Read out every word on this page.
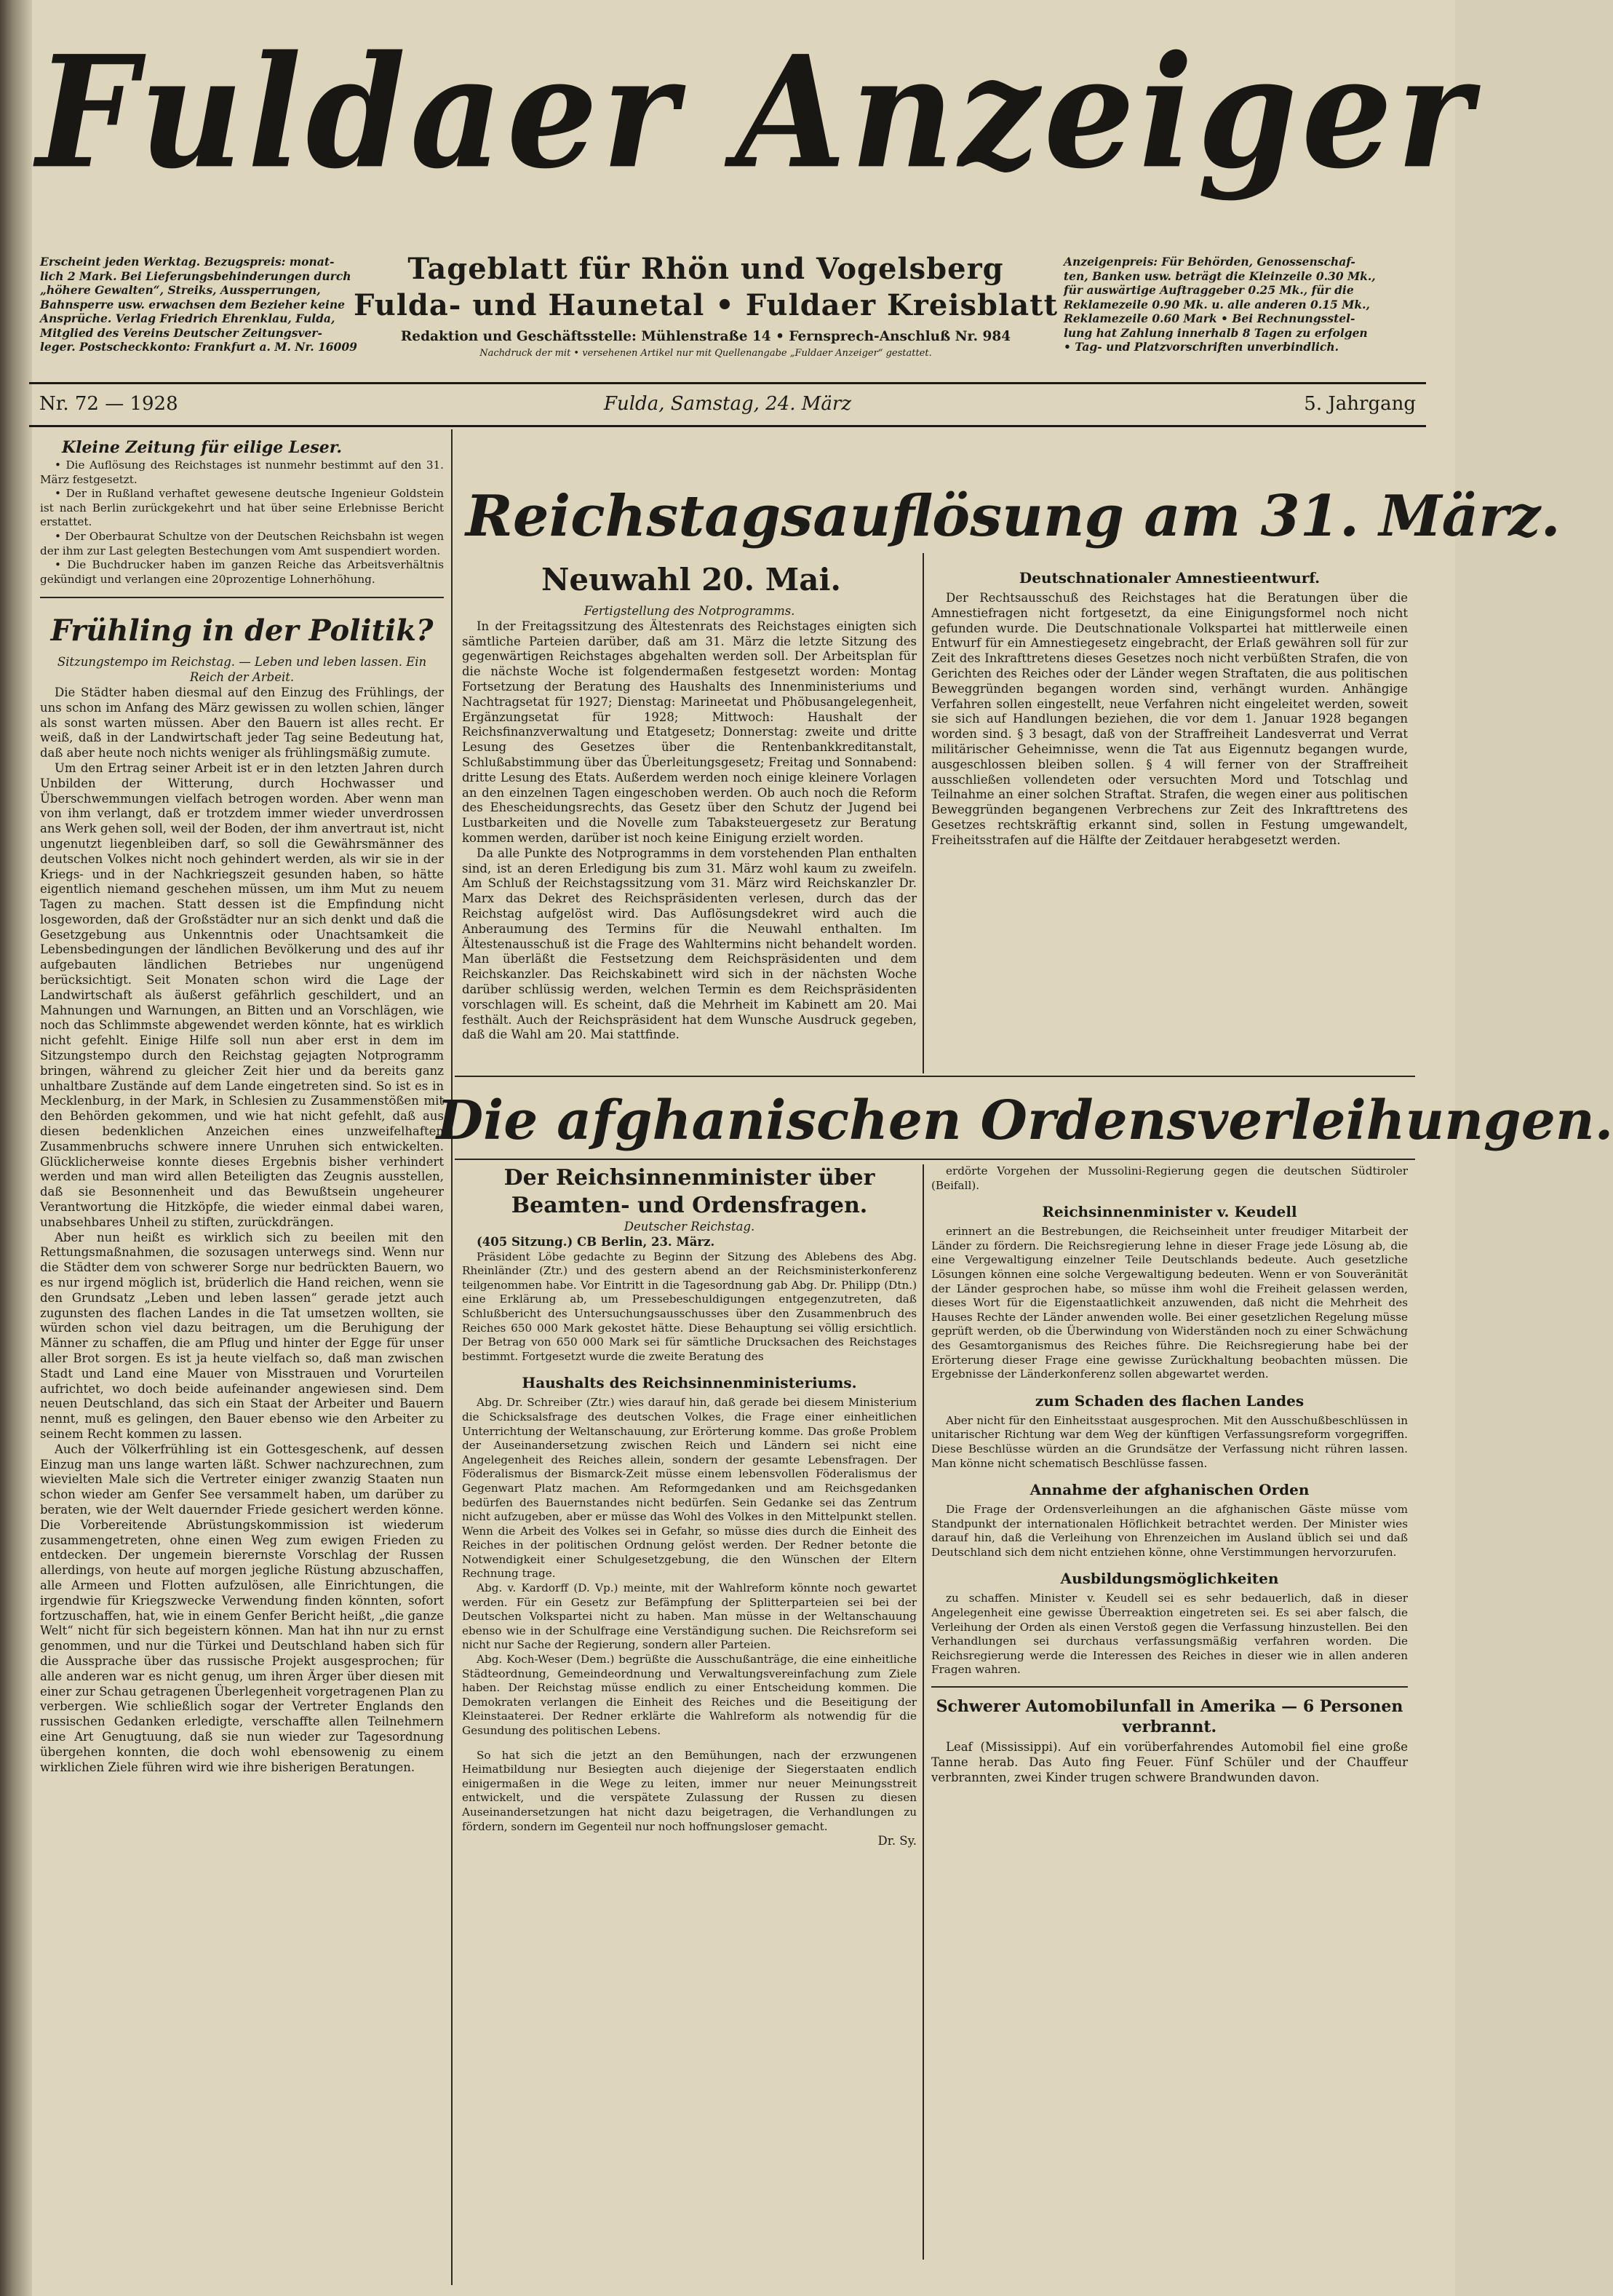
Fuldaer Anzeiger
Erscheint jeden Werktag. Bezugspreis: monat-
lich 2 Mark. Bei Lieferungsbehinderungen durch
„höhere Gewalten“, Streiks, Aussperrungen,
Bahnsperre usw. erwachsen dem Bezieher keine
Ansprüche. Verlag Friedrich Ehrenklau, Fulda,
Mitglied des Vereins Deutscher Zeitungsver-
leger. Postscheckkonto: Frankfurt a. M. Nr. 16009
Tageblatt für Rhön und Vogelsberg
Fulda- und Haunetal • Fuldaer Kreisblatt
Redaktion und Geschäftsstelle: Mühlenstraße 14 • Fernsprech-Anschluß Nr. 984
Nachdruck der mit • versehenen Artikel nur mit Quellenangabe „Fuldaer Anzeiger“ gestattet.
Anzeigenpreis: Für Behörden, Genossenschaf-
ten, Banken usw. beträgt die Kleinzeile 0.30 Mk.,
für auswärtige Auftraggeber 0.25 Mk., für die
Reklamezeile 0.90 Mk. u. alle anderen 0.15 Mk.,
Reklamezeile 0.60 Mark • Bei Rechnungsstel-
lung hat Zahlung innerhalb 8 Tagen zu erfolgen
• Tag- und Platzvorschriften unverbindlich.
Fulda, Samstag, 24. März
Nr. 72 — 1928	5. Jahrgang

Kleine Zeitung für eilige Leser.

• Die Auflösung des Reichstages ist nunmehr bestimmt auf den 31. März festgesetzt.

• Der in Rußland verhaftet gewesene deutsche Ingenieur Goldstein ist nach Berlin zurückgekehrt und hat über seine Erlebnisse Bericht erstattet.

• Der Oberbaurat Schultze von der Deutschen Reichsbahn ist wegen der ihm zur Last gelegten Bestechungen vom Amt suspendiert worden.

• Die Buchdrucker haben im ganzen Reiche das Arbeitsverhältnis gekündigt und verlangen eine 20prozentige Lohnerhöhung.

Frühling in der Politik?

Sitzungstempo im Reichstag. — Leben und leben lassen. Ein Reich der Arbeit.

Die Städter haben diesmal auf den Einzug des Frühlings, der uns schon im Anfang des März gewissen zu wollen schien, länger als sonst warten müssen. Aber den Bauern ist alles recht. Er weiß, daß in der Landwirtschaft jeder Tag seine Bedeutung hat, daß aber heute noch nichts weniger als frühlingsmäßig zumute.

Um den Ertrag seiner Arbeit ist er in den letzten Jahren durch Unbilden der Witterung, durch Hochwasser und Überschwemmungen vielfach betrogen worden. Aber wenn man von ihm verlangt, daß er trotzdem immer wieder unverdrossen ans Werk gehen soll, weil der Boden, der ihm anvertraut ist, nicht ungenutzt liegenbleiben darf, so soll die Gewährsmänner des deutschen Volkes nicht noch gehindert werden, als wir sie in der Kriegs- und in der Nachkriegszeit gesunden haben, so hätte eigentlich niemand geschehen müssen, um ihm Mut zu neuem Tagen zu machen. Statt dessen ist die Empfindung nicht losgeworden, daß der Großstädter nur an sich denkt und daß die Gesetzgebung aus Unkenntnis oder Unachtsamkeit die Lebensbedingungen der ländlichen Bevölkerung und des auf ihr aufgebauten ländlichen Betriebes nur ungenügend berücksichtigt. Seit Monaten schon wird die Lage der Landwirtschaft als äußerst gefährlich geschildert, und an Mahnungen und Warnungen, an Bitten und an Vorschlägen, wie noch das Schlimmste abgewendet werden könnte, hat es wirklich nicht gefehlt. Einige Hilfe soll nun aber erst in dem im Sitzungstempo durch den Reichstag gejagten Notprogramm bringen, während zu gleicher Zeit hier und da bereits ganz unhaltbare Zustände auf dem Lande eingetreten sind. So ist es in Mecklenburg, in der Mark, in Schlesien zu Zusammenstößen mit den Behörden gekommen, und wie hat nicht gefehlt, daß aus diesen bedenklichen Anzeichen eines unzweifelhaften Zusammenbruchs schwere innere Unruhen sich entwickelten. Glücklicherweise konnte dieses Ergebnis bisher verhindert werden und man wird allen Beteiligten das Zeugnis ausstellen, daß sie Besonnenheit und das Bewußtsein ungeheurer Verantwortung die Hitzköpfe, die wieder einmal dabei waren, unabsehbares Unheil zu stiften, zurückdrängen.

Aber nun heißt es wirklich sich zu beeilen mit den Rettungsmaßnahmen, die sozusagen unterwegs sind. Wenn nur die Städter dem von schwerer Sorge nur bedrückten Bauern, wo es nur irgend möglich ist, brüderlich die Hand reichen, wenn sie den Grundsatz „Leben und leben lassen“ gerade jetzt auch zugunsten des flachen Landes in die Tat umsetzen wollten, sie würden schon viel dazu beitragen, um die Beruhigung der Männer zu schaffen, die am Pflug und hinter der Egge für unser aller Brot sorgen. Es ist ja heute vielfach so, daß man zwischen Stadt und Land eine Mauer von Misstrauen und Vorurteilen aufrichtet, wo doch beide aufeinander angewiesen sind. Dem neuen Deutschland, das sich ein Staat der Arbeiter und Bauern nennt, muß es gelingen, den Bauer ebenso wie den Arbeiter zu seinem Recht kommen zu lassen.

Auch der Völkerfrühling ist ein Gottesgeschenk, auf dessen Einzug man uns lange warten läßt. Schwer nachzurechnen, zum wievielten Male sich die Vertreter einiger zwanzig Staaten nun schon wieder am Genfer See versammelt haben, um darüber zu beraten, wie der Welt dauernder Friede gesichert werden könne. Die Vorbereitende Abrüstungskommission ist wiederum zusammengetreten, ohne einen Weg zum ewigen Frieden zu entdecken. Der ungemein bierernste Vorschlag der Russen allerdings, von heute auf morgen jegliche Rüstung abzuschaffen, alle Armeen und Flotten aufzulösen, alle Einrichtungen, die irgendwie für Kriegszwecke Verwendung finden könnten, sofort fortzuschaffen, hat, wie in einem Genfer Bericht heißt, „die ganze Welt“ nicht für sich begeistern können. Man hat ihn nur zu ernst genommen, und nur die Türkei und Deutschland haben sich für die Aussprache über das russische Projekt ausgesprochen; für alle anderen war es nicht genug, um ihren Ärger über diesen mit einer zur Schau getragenen Überlegenheit vorgetragenen Plan zu verbergen. Wie schließlich sogar der Vertreter Englands den russischen Gedanken erledigte, verschaffte allen Teilnehmern eine Art Genugtuung, daß sie nun wieder zur Tagesordnung übergehen konnten, die doch wohl ebensowenig zu einem wirklichen Ziele führen wird wie ihre bisherigen Beratungen.

Reichstagsauflösung am 31. März.
Neuwahl 20. Mai.

Fertigstellung des Notprogramms.

In der Freitagssitzung des Ältestenrats des Reichstages einigten sich sämtliche Parteien darüber, daß am 31. März die letzte Sitzung des gegenwärtigen Reichstages abgehalten werden soll. Der Arbeitsplan für die nächste Woche ist folgendermaßen festgesetzt worden: Montag Fortsetzung der Beratung des Haushalts des Innenministeriums und Nachtragsetat für 1927; Dienstag: Marineetat und Phöbusangelegenheit, Ergänzungsetat für 1928; Mittwoch: Haushalt der Reichsfinanzverwaltung und Etatgesetz; Donnerstag: zweite und dritte Lesung des Gesetzes über die Rentenbankkreditanstalt, Schlußabstimmung über das Überleitungsgesetz; Freitag und Sonnabend: dritte Lesung des Etats. Außerdem werden noch einige kleinere Vorlagen an den einzelnen Tagen eingeschoben werden. Ob auch noch die Reform des Ehescheidungsrechts, das Gesetz über den Schutz der Jugend bei Lustbarkeiten und die Novelle zum Tabaksteuergesetz zur Beratung kommen werden, darüber ist noch keine Einigung erzielt worden.

Da alle Punkte des Notprogramms in dem vorstehenden Plan enthalten sind, ist an deren Erledigung bis zum 31. März wohl kaum zu zweifeln. Am Schluß der Reichstagssitzung vom 31. März wird Reichskanzler Dr. Marx das Dekret des Reichspräsidenten verlesen, durch das der Reichstag aufgelöst wird. Das Auflösungsdekret wird auch die Anberaumung des Termins für die Neuwahl enthalten. Im Ältestenausschuß ist die Frage des Wahltermins nicht behandelt worden. Man überläßt die Festsetzung dem Reichspräsidenten und dem Reichskanzler. Das Reichskabinett wird sich in der nächsten Woche darüber schlüssig werden, welchen Termin es dem Reichspräsidenten vorschlagen will. Es scheint, daß die Mehrheit im Kabinett am 20. Mai festhält. Auch der Reichspräsident hat dem Wunsche Ausdruck gegeben, daß die Wahl am 20. Mai stattfinde.

Deutschnationaler Amnestieentwurf.

Der Rechtsausschuß des Reichstages hat die Beratungen über die Amnestiefragen nicht fortgesetzt, da eine Einigungsformel noch nicht gefunden wurde. Die Deutschnationale Volkspartei hat mittlerweile einen Entwurf für ein Amnestiegesetz eingebracht, der Erlaß gewähren soll für zur Zeit des Inkrafttretens dieses Gesetzes noch nicht verbüßten Strafen, die von Gerichten des Reiches oder der Länder wegen Straftaten, die aus politischen Beweggründen begangen worden sind, verhängt wurden. Anhängige Verfahren sollen eingestellt, neue Verfahren nicht eingeleitet werden, soweit sie sich auf Handlungen beziehen, die vor dem 1. Januar 1928 begangen worden sind. § 3 besagt, daß von der Straffreiheit Landesverrat und Verrat militärischer Geheimnisse, wenn die Tat aus Eigennutz begangen wurde, ausgeschlossen bleiben sollen. § 4 will ferner von der Straffreiheit ausschließen vollendeten oder versuchten Mord und Totschlag und Teilnahme an einer solchen Straftat. Strafen, die wegen einer aus politischen Beweggründen begangenen Verbrechens zur Zeit des Inkrafttretens des Gesetzes rechtskräftig erkannt sind, sollen in Festung umgewandelt, Freiheitsstrafen auf die Hälfte der Zeitdauer herabgesetzt werden.

Die afghanischen Ordensverleihungen.

Der Reichsinnenminister über Beamten- und Ordensfragen.

Deutscher Reichstag.

(405 Sitzung.) CB Berlin, 23. März.

Präsident Löbe gedachte zu Beginn der Sitzung des Ablebens des Abg. Rheinländer (Ztr.) und des gestern abend an der Reichsministerkonferenz teilgenommen habe. Vor Eintritt in die Tagesordnung gab Abg. Dr. Philipp (Dtn.) eine Erklärung ab, um Pressebeschuldigungen entgegenzutreten, daß Schlußbericht des Untersuchungsausschusses über den Zusammenbruch des Reiches 650 000 Mark gekostet hätte. Diese Behauptung sei völlig ersichtlich. Der Betrag von 650 000 Mark sei für sämtliche Drucksachen des Reichstages bestimmt. Fortgesetzt wurde die zweite Beratung des

Haushalts des Reichsinnenministeriums.

Abg. Dr. Schreiber (Ztr.) wies darauf hin, daß gerade bei diesem Ministerium die Schicksalsfrage des deutschen Volkes, die Frage einer einheitlichen Unterrichtung der Weltanschauung, zur Erörterung komme. Das große Problem der Auseinandersetzung zwischen Reich und Ländern sei nicht eine Angelegenheit des Reiches allein, sondern der gesamte Lebensfragen. Der Föderalismus der Bismarck-Zeit müsse einem lebensvollen Föderalismus der Gegenwart Platz machen. Am Reformgedanken und am Reichsgedanken bedürfen des Bauernstandes nicht bedürfen. Sein Gedanke sei das Zentrum nicht aufzugeben, aber er müsse das Wohl des Volkes in den Mittelpunkt stellen. Wenn die Arbeit des Volkes sei in Gefahr, so müsse dies durch die Einheit des Reiches in der politischen Ordnung gelöst werden. Der Redner betonte die Notwendigkeit einer Schulgesetzgebung, die den Wünschen der Eltern Rechnung trage.

Abg. v. Kardorff (D. Vp.) meinte, mit der Wahlreform könnte noch gewartet werden. Für ein Gesetz zur Befämpfung der Splitterparteien sei bei der Deutschen Volkspartei nicht zu haben. Man müsse in der Weltanschauung ebenso wie in der Schulfrage eine Verständigung suchen. Die Reichsreform sei nicht nur Sache der Regierung, sondern aller Parteien.

Abg. Koch-Weser (Dem.) begrüßte die Ausschußanträge, die eine einheitliche Städteordnung, Gemeindeordnung und Verwaltungsvereinfachung zum Ziele haben. Der Reichstag müsse endlich zu einer Entscheidung kommen. Die Demokraten verlangen die Einheit des Reiches und die Beseitigung der Kleinstaaterei. Der Redner erklärte die Wahlreform als notwendig für die Gesundung des politischen Lebens.

So hat sich die jetzt an den Bemühungen, nach der erzwungenen Heimatbildung nur Besiegten auch diejenige der Siegerstaaten endlich einigermaßen in die Wege zu leiten, immer nur neuer Meinungsstreit entwickelt, und die verspätete Zulassung der Russen zu diesen Auseinandersetzungen hat nicht dazu beigetragen, die Verhandlungen zu fördern, sondern im Gegenteil nur noch hoffnungsloser gemacht.

Dr. Sy.

erdörte Vorgehen der Mussolini-Regierung gegen die deutschen Südtiroler (Beifall).

Reichsinnenminister v. Keudell

erinnert an die Bestrebungen, die Reichseinheit unter freudiger Mitarbeit der Länder zu fördern. Die Reichsregierung lehne in dieser Frage jede Lösung ab, die eine Vergewaltigung einzelner Teile Deutschlands bedeute. Auch gesetzliche Lösungen können eine solche Vergewaltigung bedeuten. Wenn er von Souveränität der Länder gesprochen habe, so müsse ihm wohl die Freiheit gelassen werden, dieses Wort für die Eigenstaatlichkeit anzuwenden, daß nicht die Mehrheit des Hauses Rechte der Länder anwenden wolle. Bei einer gesetzlichen Regelung müsse geprüft werden, ob die Überwindung von Widerständen noch zu einer Schwächung des Gesamtorganismus des Reiches führe. Die Reichsregierung habe bei der Erörterung dieser Frage eine gewisse Zurückhaltung beobachten müssen. Die Ergebnisse der Länderkonferenz sollen abgewartet werden.

zum Schaden des flachen Landes

Aber nicht für den Einheitsstaat ausgesprochen. Mit den Ausschußbeschlüssen in unitarischer Richtung war dem Weg der künftigen Verfassungsreform vorgegriffen. Diese Beschlüsse würden an die Grundsätze der Verfassung nicht rühren lassen. Man könne nicht schematisch Beschlüsse fassen.

Annahme der afghanischen Orden

Die Frage der Ordensverleihungen an die afghanischen Gäste müsse vom Standpunkt der internationalen Höflichkeit betrachtet werden. Der Minister wies darauf hin, daß die Verleihung von Ehrenzeichen im Ausland üblich sei und daß Deutschland sich dem nicht entziehen könne, ohne Verstimmungen hervorzurufen.

Ausbildungsmöglichkeiten

zu schaffen. Minister v. Keudell sei es sehr bedauerlich, daß in dieser Angelegenheit eine gewisse Überreaktion eingetreten sei. Es sei aber falsch, die Verleihung der Orden als einen Verstoß gegen die Verfassung hinzustellen. Bei den Verhandlungen sei durchaus verfassungsmäßig verfahren worden. Die Reichsregierung werde die Interessen des Reiches in dieser wie in allen anderen Fragen wahren.

Schwerer Automobilunfall in Amerika — 6 Personen verbrannt.

Leaf (Mississippi). Auf ein vorüberfahrendes Automobil fiel eine große Tanne herab. Das Auto fing Feuer. Fünf Schüler und der Chauffeur verbrannten, zwei Kinder trugen schwere Brandwunden davon.
